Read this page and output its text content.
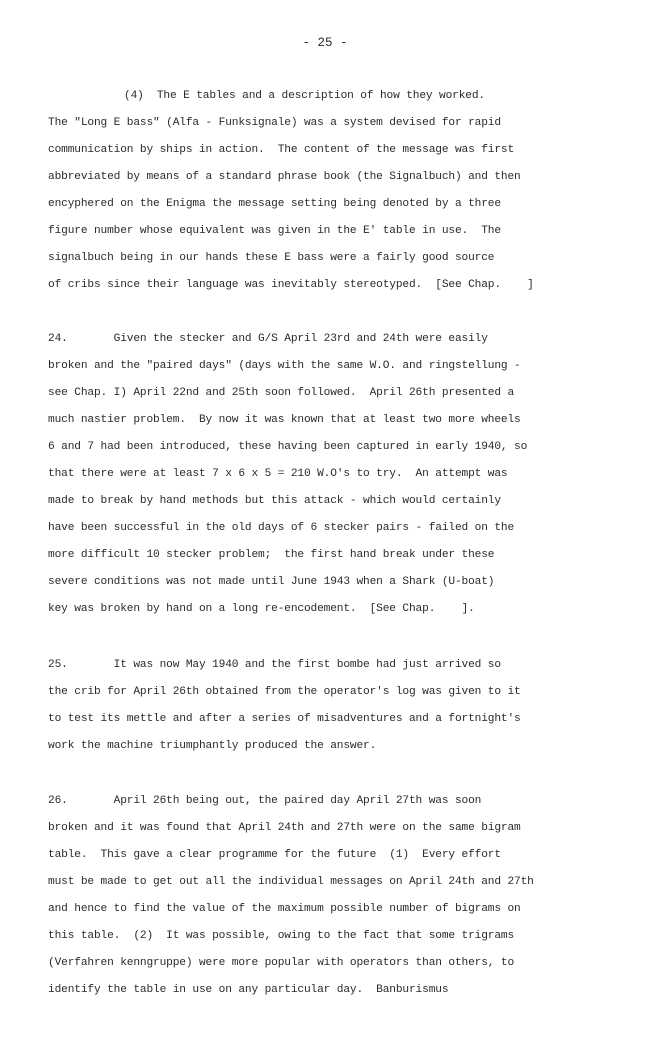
- 25 -
(4)  The E tables and a description of how they worked.
The "Long E bass" (Alfa - Funksignale) was a system devised for rapid
communication by ships in action.  The content of the message was first
abbreviated by means of a standard phrase book (the Signalbuch) and then
encyphered on the Enigma the message setting being denoted by a three
figure number whose equivalent was given in the E' table in use.  The
signalbuch being in our hands these E bass were a fairly good source
of cribs since their language was inevitably stereotyped.  [See Chap.    ]
24.       Given the stecker and G/S April 23rd and 24th were easily
broken and the "paired days" (days with the same W.O. and ringstellung -
see Chap. I) April 22nd and 25th soon followed.  April 26th presented a
much nastier problem.  By now it was known that at least two more wheels
6 and 7 had been introduced, these having been captured in early 1940, so
that there were at least 7 x 6 x 5 = 210 W.O's to try.  An attempt was
made to break by hand methods but this attack - which would certainly
have been successful in the old days of 6 stecker pairs - failed on the
more difficult 10 stecker problem;  the first hand break under these
severe conditions was not made until June 1943 when a Shark (U-boat)
key was broken by hand on a long re-encodement.  [See Chap.    ].
25.       It was now May 1940 and the first bombe had just arrived so
the crib for April 26th obtained from the operator's log was given to it
to test its mettle and after a series of misadventures and a fortnight's
work the machine triumphantly produced the answer.
26.       April 26th being out, the paired day April 27th was soon
broken and it was found that April 24th and 27th were on the same bigram
table.  This gave a clear programme for the future  (1)  Every effort
must be made to get out all the individual messages on April 24th and 27th
and hence to find the value of the maximum possible number of bigrams on
this table.  (2)  It was possible, owing to the fact that some trigrams
(Verfahren kenngruppe) were more popular with operators than others, to
identify the table in use on any particular day.  Banburismus
